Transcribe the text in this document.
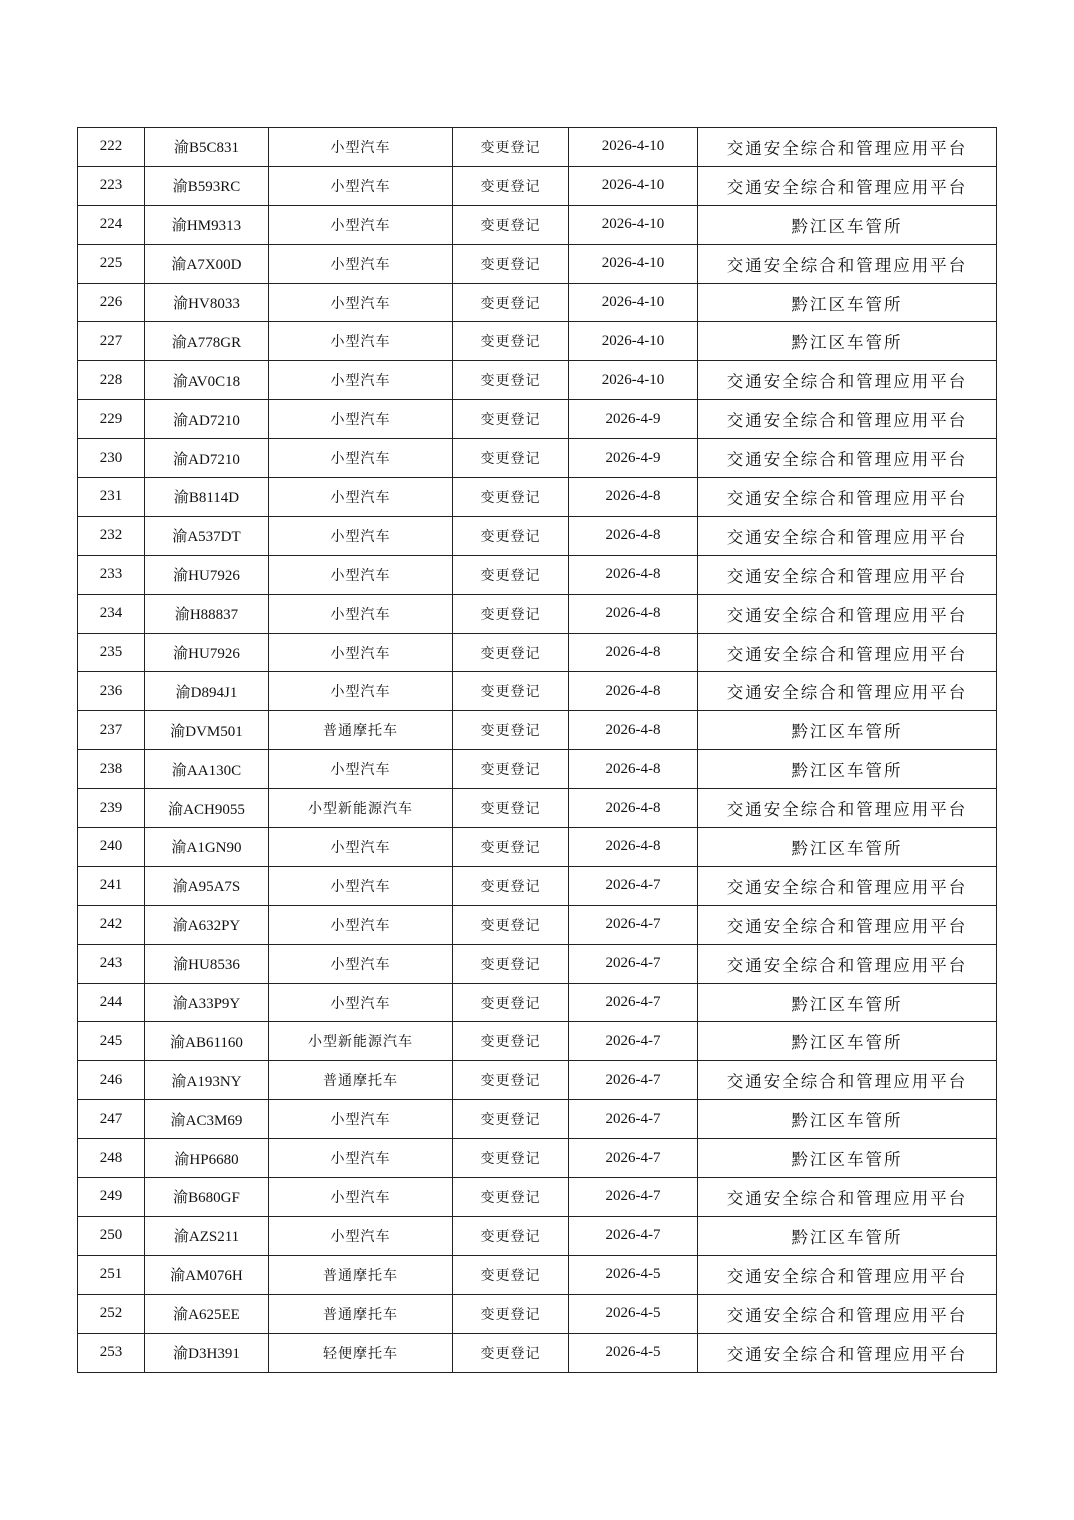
222	渝B5C831	小型汽车	变更登记	2026-4-10	交通安全综合和管理应用平台
223	渝B593RC	小型汽车	变更登记	2026-4-10	交通安全综合和管理应用平台
224	渝HM9313	小型汽车	变更登记	2026-4-10	黔江区车管所
225	渝A7X00D	小型汽车	变更登记	2026-4-10	交通安全综合和管理应用平台
226	渝HV8033	小型汽车	变更登记	2026-4-10	黔江区车管所
227	渝A778GR	小型汽车	变更登记	2026-4-10	黔江区车管所
228	渝AV0C18	小型汽车	变更登记	2026-4-10	交通安全综合和管理应用平台
229	渝AD7210	小型汽车	变更登记	2026-4-9	交通安全综合和管理应用平台
230	渝AD7210	小型汽车	变更登记	2026-4-9	交通安全综合和管理应用平台
231	渝B8114D	小型汽车	变更登记	2026-4-8	交通安全综合和管理应用平台
232	渝A537DT	小型汽车	变更登记	2026-4-8	交通安全综合和管理应用平台
233	渝HU7926	小型汽车	变更登记	2026-4-8	交通安全综合和管理应用平台
234	渝H88837	小型汽车	变更登记	2026-4-8	交通安全综合和管理应用平台
235	渝HU7926	小型汽车	变更登记	2026-4-8	交通安全综合和管理应用平台
236	渝D894J1	小型汽车	变更登记	2026-4-8	交通安全综合和管理应用平台
237	渝DVM501	普通摩托车	变更登记	2026-4-8	黔江区车管所
238	渝AA130C	小型汽车	变更登记	2026-4-8	黔江区车管所
239	渝ACH9055	小型新能源汽车	变更登记	2026-4-8	交通安全综合和管理应用平台
240	渝A1GN90	小型汽车	变更登记	2026-4-8	黔江区车管所
241	渝A95A7S	小型汽车	变更登记	2026-4-7	交通安全综合和管理应用平台
242	渝A632PY	小型汽车	变更登记	2026-4-7	交通安全综合和管理应用平台
243	渝HU8536	小型汽车	变更登记	2026-4-7	交通安全综合和管理应用平台
244	渝A33P9Y	小型汽车	变更登记	2026-4-7	黔江区车管所
245	渝AB61160	小型新能源汽车	变更登记	2026-4-7	黔江区车管所
246	渝A193NY	普通摩托车	变更登记	2026-4-7	交通安全综合和管理应用平台
247	渝AC3M69	小型汽车	变更登记	2026-4-7	黔江区车管所
248	渝HP6680	小型汽车	变更登记	2026-4-7	黔江区车管所
249	渝B680GF	小型汽车	变更登记	2026-4-7	交通安全综合和管理应用平台
250	渝AZS211	小型汽车	变更登记	2026-4-7	黔江区车管所
251	渝AM076H	普通摩托车	变更登记	2026-4-5	交通安全综合和管理应用平台
252	渝A625EE	普通摩托车	变更登记	2026-4-5	交通安全综合和管理应用平台
253	渝D3H391	轻便摩托车	变更登记	2026-4-5	交通安全综合和管理应用平台
